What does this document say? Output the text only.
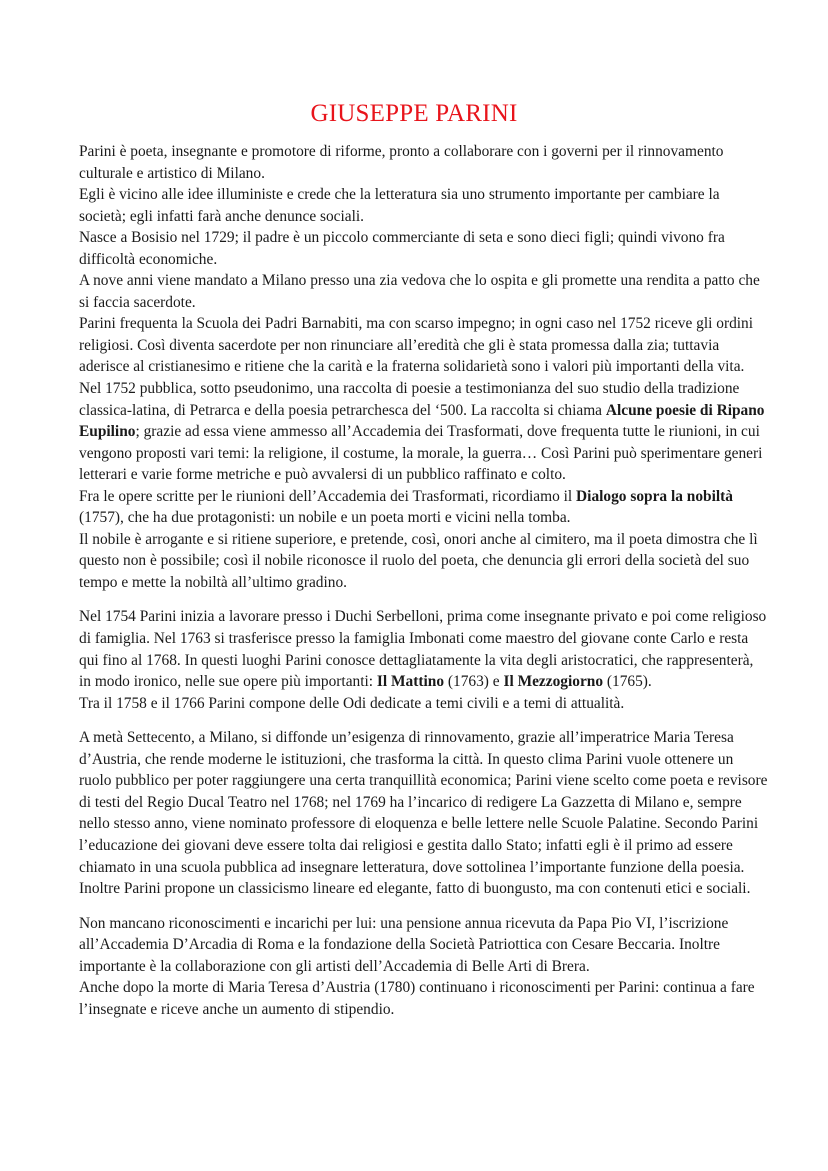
GIUSEPPE PARINI

Parini è poeta, insegnante e promotore di riforme, pronto a collaborare con i governi per il rinnovamento culturale e artistico di Milano.

Egli è vicino alle idee illuministe e crede che la letteratura sia uno strumento importante per cambiare la società; egli infatti farà anche denunce sociali.

Nasce a Bosisio nel 1729; il padre è un piccolo commerciante di seta e sono dieci figli; quindi vivono fra difficoltà economiche.

A nove anni viene mandato a Milano presso una zia vedova che lo ospita e gli promette una rendita a patto che si faccia sacerdote.

Parini frequenta la Scuola dei Padri Barnabiti, ma con scarso impegno; in ogni caso nel 1752 riceve gli ordini religiosi. Così diventa sacerdote per non rinunciare all’eredità che gli è stata promessa dalla zia; tuttavia aderisce al cristianesimo e ritiene che la carità e la fraterna solidarietà sono i valori più importanti della vita.

Nel 1752 pubblica, sotto pseudonimo, una raccolta di poesie a testimonianza del suo studio della tradizione classica-latina, di Petrarca e della poesia petrarchesca del ‘500. La raccolta si chiama Alcune poesie di Ripano Eupilino; grazie ad essa viene ammesso all’Accademia dei Trasformati, dove frequenta tutte le riunioni, in cui vengono proposti vari temi: la religione, il costume, la morale, la guerra… Così Parini può sperimentare generi letterari e varie forme metriche e può avvalersi di un pubblico raffinato e colto.

Fra le opere scritte per le riunioni dell’Accademia dei Trasformati, ricordiamo il Dialogo sopra la nobiltà (1757), che ha due protagonisti: un nobile e un poeta morti e vicini nella tomba.

Il nobile è arrogante e si ritiene superiore, e pretende, così, onori anche al cimitero, ma il poeta dimostra che lì questo non è possibile; così il nobile riconosce il ruolo del poeta, che denuncia gli errori della società del suo tempo e mette la nobiltà all’ultimo gradino.

Nel 1754 Parini inizia a lavorare presso i Duchi Serbelloni, prima come insegnante privato e poi come religioso di famiglia. Nel 1763 si trasferisce presso la famiglia Imbonati come maestro del giovane conte Carlo e resta qui fino al 1768. In questi luoghi Parini conosce dettagliatamente la vita degli aristocratici, che rappresenterà, in modo ironico, nelle sue opere più importanti: Il Mattino (1763) e Il Mezzogiorno (1765).

Tra il 1758 e il 1766 Parini compone delle Odi dedicate a temi civili e a temi di attualità.

A metà Settecento, a Milano, si diffonde un’esigenza di rinnovamento, grazie all’imperatrice Maria Teresa d’Austria, che rende moderne le istituzioni, che trasforma la città. In questo clima Parini vuole ottenere un ruolo pubblico per poter raggiungere una certa tranquillità economica; Parini viene scelto come poeta e revisore di testi del Regio Ducal Teatro nel 1768; nel 1769 ha l’incarico di redigere La Gazzetta di Milano e, sempre nello stesso anno, viene nominato professore di eloquenza e belle lettere nelle Scuole Palatine. Secondo Parini l’educazione dei giovani deve essere tolta dai religiosi e gestita dallo Stato; infatti egli è il primo ad essere chiamato in una scuola pubblica ad insegnare letteratura, dove sottolinea l’importante funzione della poesia.

Inoltre Parini propone un classicismo lineare ed elegante, fatto di buongusto, ma con contenuti etici e sociali.

Non mancano riconoscimenti e incarichi per lui: una pensione annua ricevuta da Papa Pio VI, l’iscrizione all’Accademia D’Arcadia di Roma e la fondazione della Società Patriottica con Cesare Beccaria. Inoltre importante è la collaborazione con gli artisti dell’Accademia di Belle Arti di Brera.

Anche dopo la morte di Maria Teresa d’Austria (1780) continuano i riconoscimenti per Parini: continua a fare l’insegnate e riceve anche un aumento di stipendio.
